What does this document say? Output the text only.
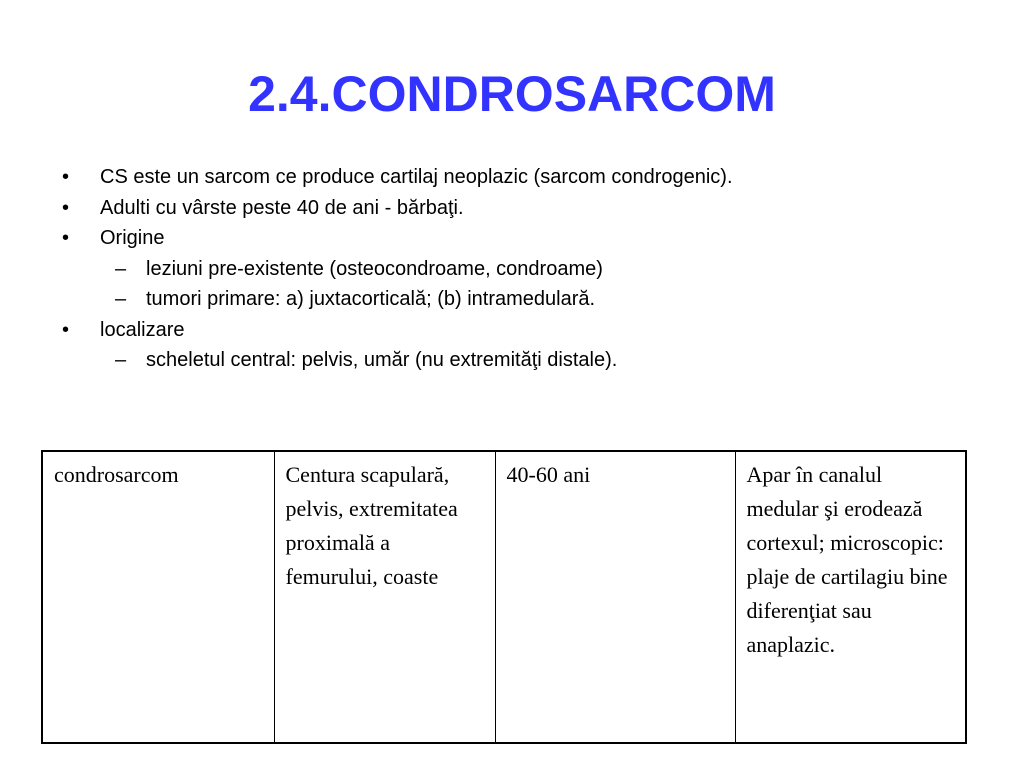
2.4.CONDROSARCOM
•	CS este un sarcom ce produce cartilaj neoplazic (sarcom condrogenic).
•	Adulti cu vârste peste 40 de ani - bărbaţi.
•	Origine
– leziuni pre-existente (osteocondroame, condroame)
– tumori primare: a) juxtacorticală; (b) intramedulară.
•	localizare
– scheletul central: pelvis, umăr (nu extremităţi distale).
condrosarcom	Centura scapulară, pelvis, extremitatea proximală a femurului, coaste	40-60 ani	Apar în canalul medular şi erodează cortexul; microscopic: plaje de cartilagiu bine diferenţiat sau anaplazic.
